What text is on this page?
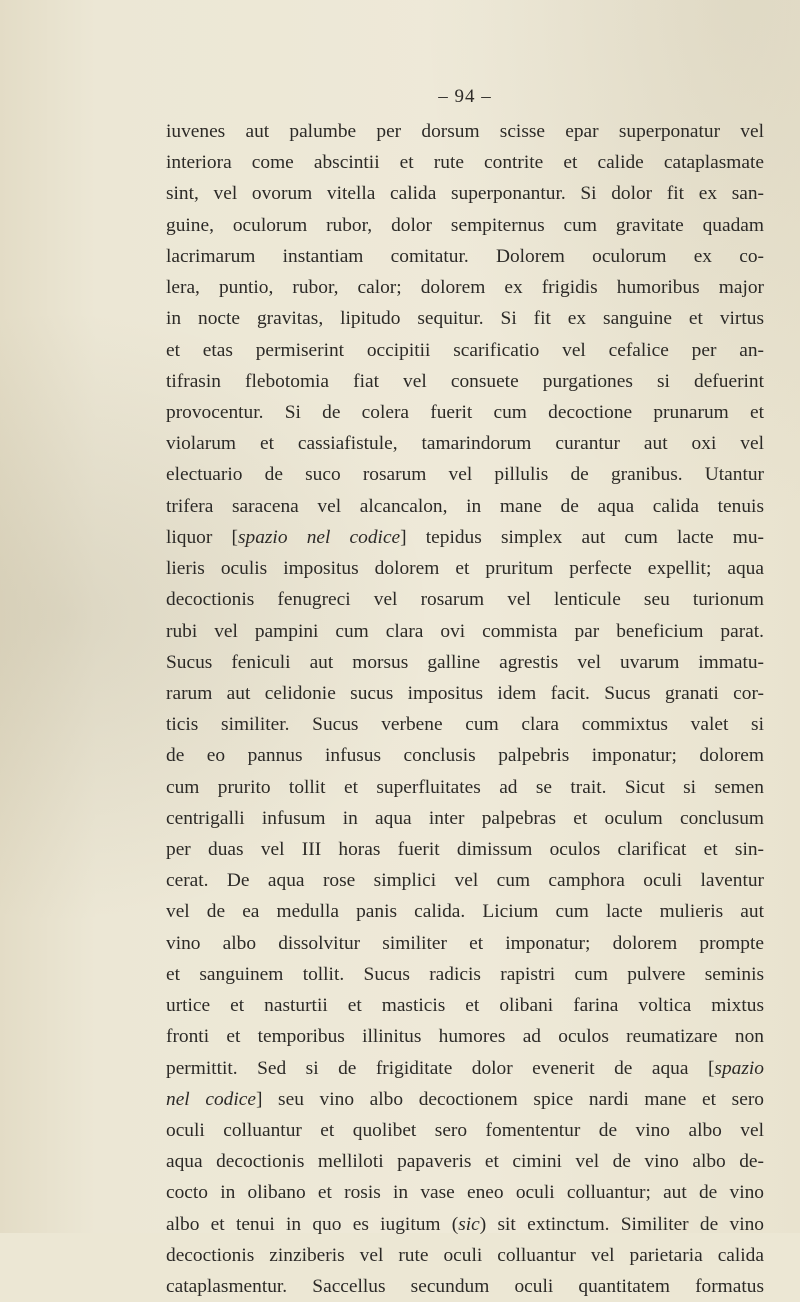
– 94 –
iuvenes aut palumbe per dorsum scisse epar superponatur vel
interiora come abscintii et rute contrite et calide cataplasmate
sint, vel ovorum vitella calida superponantur. Si dolor fit ex san-
guine, oculorum rubor, dolor sempiternus cum gravitate quadam
lacrimarum instantiam comitatur. Dolorem oculorum ex co-
lera, puntio, rubor, calor; dolorem ex frigidis humoribus major
in nocte gravitas, lipitudo sequitur. Si fit ex sanguine et virtus
et etas permiserint occipitii scarificatio vel cefalice per an-
tifrasin flebotomia fiat vel consuete purgationes si defuerint
provocentur. Si de colera fuerit cum decoctione prunarum et
violarum et cassiafistule, tamarindorum curantur aut oxi vel
electuario de suco rosarum vel pillulis de granibus. Utantur
trifera saracena vel alcancalon, in mane de aqua calida tenuis
liquor [spazio nel codice] tepidus simplex aut cum lacte mu-
lieris oculis impositus dolorem et pruritum perfecte expellit; aqua
decoctionis fenugreci vel rosarum vel lenticule seu turionum
rubi vel pampini cum clara ovi commista par beneficium parat.
Sucus feniculi aut morsus galline agrestis vel uvarum immatu-
rarum aut celidonie sucus impositus idem facit. Sucus granati cor-
ticis similiter. Sucus verbene cum clara commixtus valet si
de eo pannus infusus conclusis palpebris imponatur; dolorem
cum prurito tollit et superfluitates ad se trait. Sicut si semen
centrigalli infusum in aqua inter palpebras et oculum conclusum
per duas vel III horas fuerit dimissum oculos clarificat et sin-
cerat. De aqua rose simplici vel cum camphora oculi laventur
vel de ea medulla panis calida. Licium cum lacte mulieris aut
vino albo dissolvitur similiter et imponatur; dolorem prompte
et sanguinem tollit. Sucus radicis rapistri cum pulvere seminis
urtice et nasturtii et masticis et olibani farina voltica mixtus
fronti et temporibus illinitus humores ad oculos reumatizare non
permittit. Sed si de frigiditate dolor evenerit de aqua [spazio
nel codice] seu vino albo decoctionem spice nardi mane et sero
oculi colluantur et quolibet sero fomententur de vino albo vel
aqua decoctionis melliloti papaveris et cimini vel de vino albo de-
cocto in olibano et rosis in vase eneo oculi colluantur; aut de vino
albo et tenui in quo es iugitum (sic) sit extinctum. Similiter de vino
decoctionis zinziberis vel rute oculi colluantur vel parietaria calida
cataplasmentur. Saccellus secundum oculi quantitatem formatus
